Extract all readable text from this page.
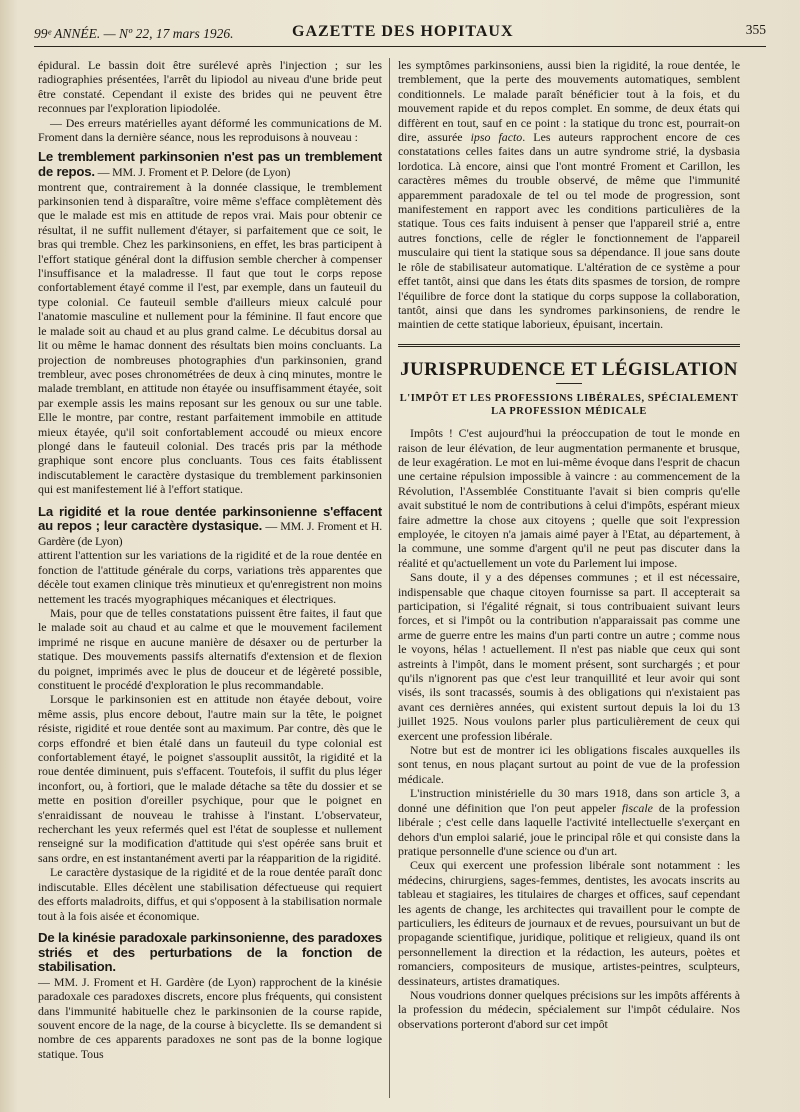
99ᵉ ANNÉE. — Nº 22, 17 mars 1926.	GAZETTE DES HOPITAUX	355

épidural. Le bassin doit être surélevé après l'injection ; sur les radiographies présentées, l'arrêt du lipiodol au niveau d'une bride peut être constaté. Cependant il existe des brides qui ne peuvent être reconnues par l'exploration lipiodolée.

— Des erreurs matérielles ayant déformé les communications de M. Froment dans la dernière séance, nous les reproduisons à nouveau :

Le tremblement parkinsonien n'est pas un tremblement de repos. — MM. J. Froment et P. Delore (de Lyon)

montrent que, contrairement à la donnée classique, le tremblement parkinsonien tend à disparaître, voire même s'efface complètement dès que le malade est mis en attitude de repos vrai. Mais pour obtenir ce résultat, il ne suffit nullement d'étayer, si parfaitement que ce soit, le bras qui tremble. Chez les parkinsoniens, en effet, les bras participent à l'effort statique général dont la diffusion semble chercher à compenser l'insuffisance et la maladresse. Il faut que tout le corps repose confortablement étayé comme il l'est, par exemple, dans un fauteuil du type colonial. Ce fauteuil semble d'ailleurs mieux calculé pour l'anatomie masculine et nullement pour la féminine. Il faut encore que le malade soit au chaud et au plus grand calme. Le décubitus dorsal au lit ou même le hamac donnent des résultats bien moins concluants. La projection de nombreuses photographies d'un parkinsonien, grand trembleur, avec poses chronométrées de deux à cinq minutes, montre le malade tremblant, en attitude non étayée ou insuffisamment étayée, soit par exemple assis les mains reposant sur les genoux ou sur une table. Elle le montre, par contre, restant parfaitement immobile en attitude mieux étayée, qu'il soit confortablement accoudé ou mieux encore plongé dans le fauteuil colonial. Des tracés pris par la méthode graphique sont encore plus concluants. Tous ces faits établissent indiscutablement le caractère dystasique du tremblement parkinsonien qui est manifestement lié à l'effort statique.

La rigidité et la roue dentée parkinsonienne s'effacent au repos ; leur caractère dystasique. — MM. J. Froment et H. Gardère (de Lyon)

attirent l'attention sur les variations de la rigidité et de la roue dentée en fonction de l'attitude générale du corps, variations très apparentes que décèle tout examen clinique très minutieux et qu'enregistrent non moins nettement les tracés myographiques mécaniques et électriques.

Mais, pour que de telles constatations puissent être faites, il faut que le malade soit au chaud et au calme et que le mouvement facilement imprimé ne risque en aucune manière de désaxer ou de perturber la statique. Des mouvements passifs alternatifs d'extension et de flexion du poignet, imprimés avec le plus de douceur et de légèreté possible, constituent le procédé d'exploration le plus recommandable.

Lorsque le parkinsonien est en attitude non étayée debout, voire même assis, plus encore debout, l'autre main sur la tête, le poignet résiste, rigidité et roue dentée sont au maximum. Par contre, dès que le corps effondré et bien étalé dans un fauteuil du type colonial est confortablement étayé, le poignet s'assouplit aussitôt, la rigidité et la roue dentée diminuent, puis s'effacent. Toutefois, il suffit du plus léger inconfort, ou, à fortiori, que le malade détache sa tête du dossier et se mette en position d'oreiller psychique, pour que le poignet en s'enraidissant de nouveau le trahisse à l'instant. L'observateur, recherchant les yeux refermés quel est l'état de souplesse et nullement renseigné sur la modification d'attitude qui s'est opérée sans bruit et sans ordre, en est instantanément averti par la réapparition de la rigidité.

Le caractère dystasique de la rigidité et de la roue dentée paraît donc indiscutable. Elles décèlent une stabilisation défectueuse qui requiert des efforts maladroits, diffus, et qui s'opposent à la stabilisation normale tout à la fois aisée et économique.

De la kinésie paradoxale parkinsonienne, des paradoxes striés et des perturbations de la fonction de stabilisation.

— MM. J. Froment et H. Gardère (de Lyon) rapprochent de la kinésie paradoxale ces paradoxes discrets, encore plus fréquents, qui consistent dans l'immunité habituelle chez le parkinsonien de la course rapide, souvent encore de la nage, de la course à bicyclette. Ils se demandent si nombre de ces apparents paradoxes ne sont pas de la bonne logique statique. Tous

les symptômes parkinsoniens, aussi bien la rigidité, la roue dentée, le tremblement, que la perte des mouvements automatiques, semblent conditionnels. Le malade paraît bénéficier tout à la fois, et du mouvement rapide et du repos complet. En somme, de deux états qui diffèrent en tout, sauf en ce point : la statique du tronc est, pourrait-on dire, assurée ipso facto. Les auteurs rapprochent encore de ces constatations celles faites dans un autre syndrome strié, la dysbasia lordotica. Là encore, ainsi que l'ont montré Froment et Carillon, les caractères mêmes du trouble observé, de même que l'immunité apparemment paradoxale de tel ou tel mode de progression, sont manifestement en rapport avec les conditions particulières de la statique. Tous ces faits induisent à penser que l'appareil strié a, entre autres fonctions, celle de régler le fonctionnement de l'appareil musculaire qui tient la statique sous sa dépendance. Il joue sans doute le rôle de stabilisateur automatique. L'altération de ce système a pour effet tantôt, ainsi que dans les états dits spasmes de torsion, de rompre l'équilibre de force dont la statique du corps suppose la collaboration, tantôt, ainsi que dans les syndromes parkinsoniens, de rendre le maintien de cette statique laborieux, épuisant, incertain.

JURISPRUDENCE ET LÉGISLATION
L'IMPÔT ET LES PROFESSIONS LIBÉRALES, SPÉCIALEMENT LA PROFESSION MÉDICALE

Impôts ! C'est aujourd'hui la préoccupation de tout le monde en raison de leur élévation, de leur augmentation permanente et brusque, de leur exagération. Le mot en lui-même évoque dans l'esprit de chacun une certaine répulsion impossible à vaincre : au commencement de la Révolution, l'Assemblée Constituante l'avait si bien compris qu'elle avait substitué le nom de contributions à celui d'impôts, espérant mieux faire admettre la chose aux citoyens ; quelle que soit l'expression employée, le citoyen n'a jamais aimé payer à l'Etat, au département, à la commune, une somme d'argent qu'il ne peut pas discuter dans la réalité et qu'actuellement un vote du Parlement lui impose.

Sans doute, il y a des dépenses communes ; et il est nécessaire, indispensable que chaque citoyen fournisse sa part. Il accepterait sa participation, si l'égalité régnait, si tous contribuaient suivant leurs forces, et si l'impôt ou la contribution n'apparaissait pas comme une arme de guerre entre les mains d'un parti contre un autre ; comme nous le voyons, hélas ! actuellement. Il n'est pas niable que ceux qui sont astreints à l'impôt, dans le moment présent, sont surchargés ; et pour qu'ils n'ignorent pas que c'est leur tranquillité et leur avoir qui sont visés, ils sont tracassés, soumis à des obligations qui n'existaient pas avant ces dernières années, qui existent surtout depuis la loi du 13 juillet 1925. Nous voulons parler plus particulièrement de ceux qui exercent une profession libérale.

Notre but est de montrer ici les obligations fiscales auxquelles ils sont tenus, en nous plaçant surtout au point de vue de la profession médicale.

L'instruction ministérielle du 30 mars 1918, dans son article 3, a donné une définition que l'on peut appeler fiscale de la profession libérale ; c'est celle dans laquelle l'activité intellectuelle s'exerçant en dehors d'un emploi salarié, joue le principal rôle et qui consiste dans la pratique personnelle d'une science ou d'un art.

Ceux qui exercent une profession libérale sont notamment : les médecins, chirurgiens, sages-femmes, dentistes, les avocats inscrits au tableau et stagiaires, les titulaires de charges et offices, sauf cependant les agents de change, les architectes qui travaillent pour le compte de particuliers, les éditeurs de journaux et de revues, poursuivant un but de propagande scientifique, juridique, politique et religieux, quand ils ont personnellement la direction et la rédaction, les auteurs, poètes et romanciers, compositeurs de musique, artistes-peintres, sculpteurs, dessinateurs, artistes dramatiques.

Nous voudrions donner quelques précisions sur les impôts afférents à la profession du médecin, spécialement sur l'impôt cédulaire. Nos observations porteront d'abord sur cet impôt
